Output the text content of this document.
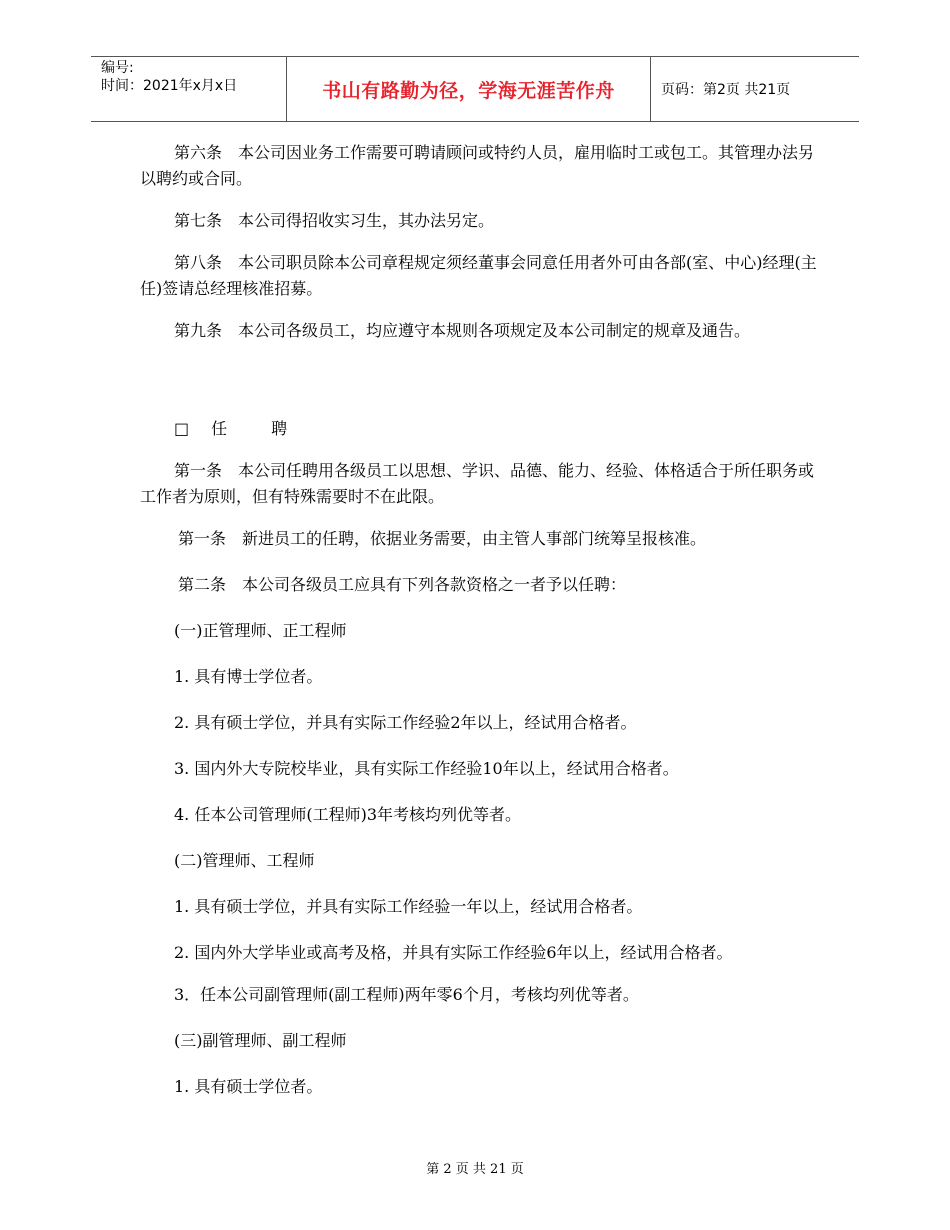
编号:
时间：2021年x月x日	书山有路勤为径，学海无涯苦作舟	页码：第2页 共21页

第六条　本公司因业务工作需要可聘请顾问或特约人员，雇用临时工或包工。其管理办法另以聘约或合同。

第七条　本公司得招收实习生，其办法另定。

第八条　本公司职员除本公司章程规定须经董事会同意任用者外可由各部(室、中心)经理(主任)签请总经理核准招募。

第九条　本公司各级员工，均应遵守本规则各项规定及本公司制定的规章及通告。

□ 任	聘

第一条　本公司任聘用各级员工以思想、学识、品德、能力、经验、体格适合于所任职务或工作者为原则，但有特殊需要时不在此限。

第一条　新进员工的任聘，依据业务需要，由主管人事部门统筹呈报核准。

第二条　本公司各级员工应具有下列各款资格之一者予以任聘：

(一)正管理师、正工程师
1. 具有博士学位者。
2. 具有硕士学位，并具有实际工作经验2年以上，经试用合格者。
3. 国内外大专院校毕业，具有实际工作经验10年以上，经试用合格者。
4. 任本公司管理师(工程师)3年考核均列优等者。
(二)管理师、工程师
1. 具有硕士学位，并具有实际工作经验一年以上，经试用合格者。

2. 国内外大学毕业或高考及格，并具有实际工作经验6年以上，经试用合格者。

3．任本公司副管理师(副工程师)两年零6个月，考核均列优等者。
(三)副管理师、副工程师
1. 具有硕士学位者。
第 2 页 共 21 页
